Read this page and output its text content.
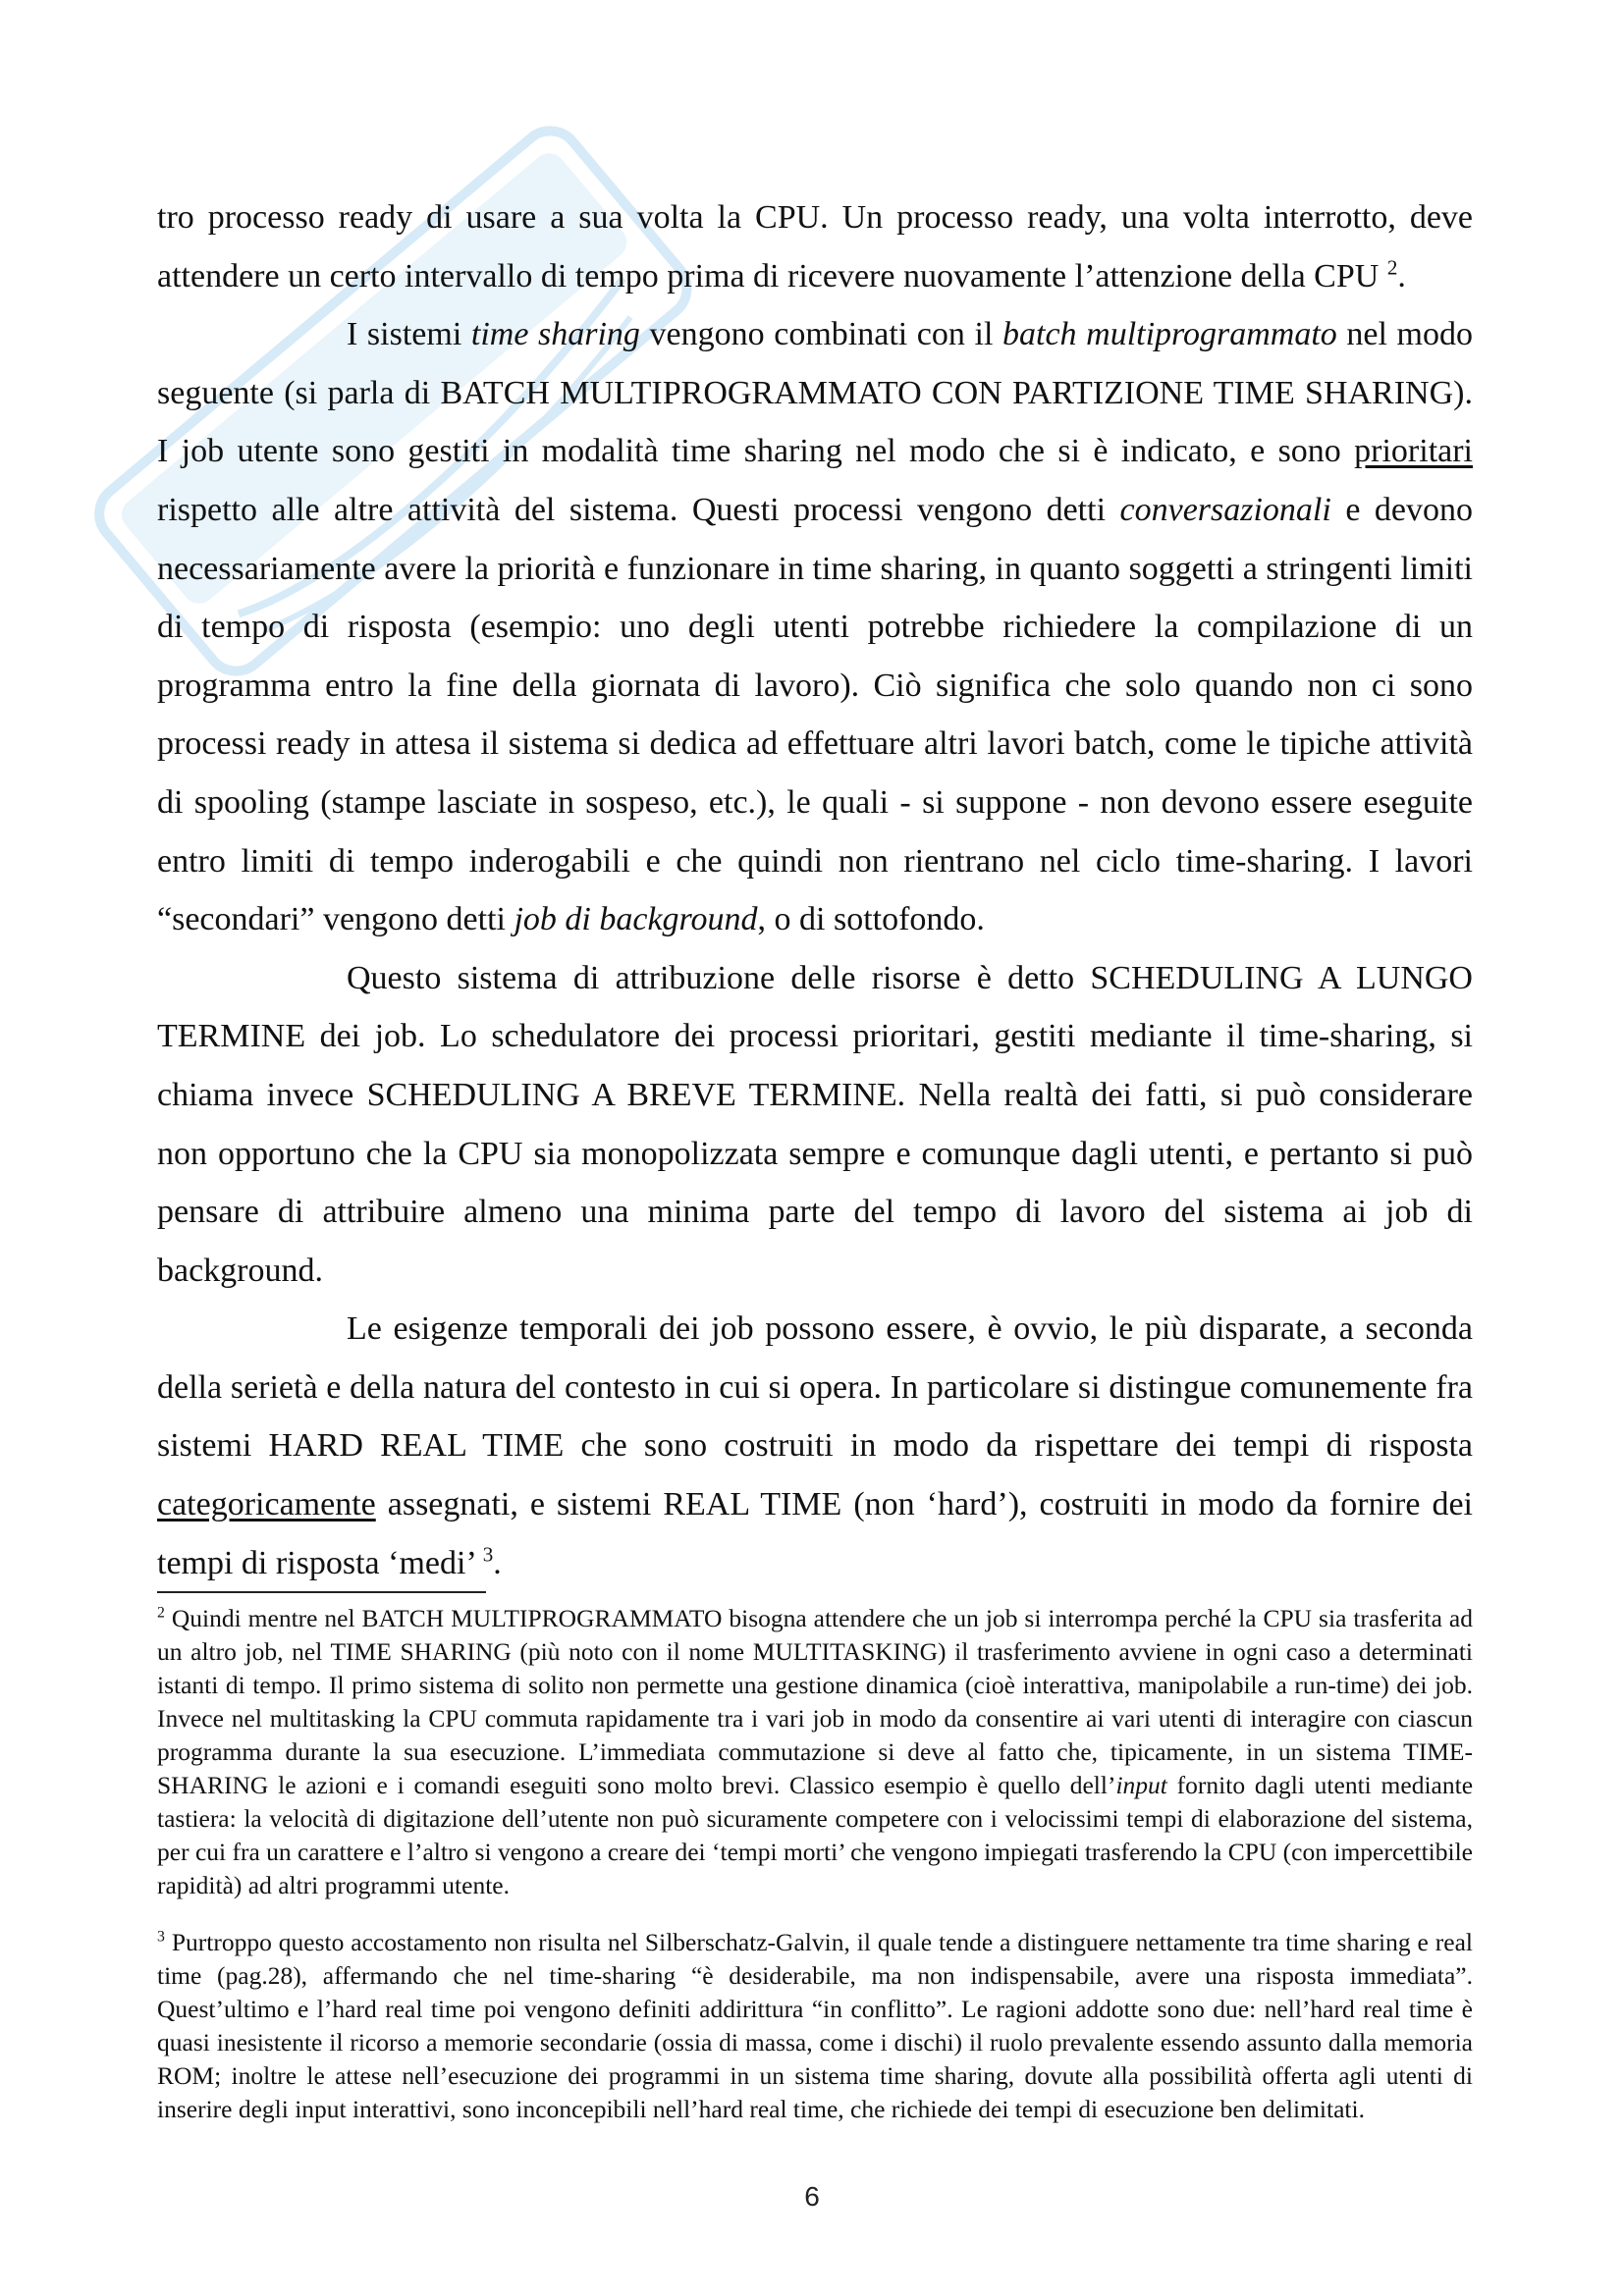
tro processo ready di usare a sua volta la CPU. Un processo ready, una volta interrotto, deve attendere un certo intervallo di tempo prima di ricevere nuovamente l’attenzione della CPU $^2$.

I sistemi time sharing vengono combinati con il batch multiprogrammato nel modo seguente (si parla di BATCH MULTIPROGRAMMATO CON PARTIZIONE TIME SHARING). I job utente sono gestiti in modalità time sharing nel modo che si è indicato, e sono prioritari rispetto alle altre attività del sistema. Questi processi vengono detti conversazionali e devono necessariamente avere la priorità e funzionare in time sharing, in quanto soggetti a stringenti limiti di tempo di risposta (esempio: uno degli utenti potrebbe richiedere la compilazione di un programma entro la fine della giornata di lavoro). Ciò significa che solo quando non ci sono processi ready in attesa il sistema si dedica ad effettuare altri lavori batch, come le tipiche attività di spooling (stampe lasciate in sospeso, etc.), le quali - si suppone - non devono essere eseguite entro limiti di tempo inderogabili e che quindi non rientrano nel ciclo time-sharing. I lavori “secondari” vengono detti job di background, o di sottofondo.

Questo sistema di attribuzione delle risorse è detto SCHEDULING A LUNGO TERMINE dei job. Lo schedulatore dei processi prioritari, gestiti mediante il time-sharing, si chiama invece SCHEDULING A BREVE TERMINE. Nella realtà dei fatti, si può considerare non opportuno che la CPU sia monopolizzata sempre e comunque dagli utenti, e pertanto si può pensare di attribuire almeno una minima parte del tempo di lavoro del sistema ai job di background.

Le esigenze temporali dei job possono essere, è ovvio, le più disparate, a seconda della serietà e della natura del contesto in cui si opera. In particolare si distingue comunemente fra sistemi HARD REAL TIME che sono costruiti in modo da rispettare dei tempi di risposta categoricamente assegnati, e sistemi REAL TIME (non ‘hard’), costruiti in modo da fornire dei tempi di risposta ‘medi’ $^3$.

$^2$ Quindi mentre nel BATCH MULTIPROGRAMMATO bisogna attendere che un job si interrompa perché la CPU sia trasferita ad un altro job, nel TIME SHARING (più noto con il nome MULTITASKING) il trasferimento avviene in ogni caso a determinati istanti di tempo. Il primo sistema di solito non permette una gestione dinamica (cioè interattiva, manipolabile a run-time) dei job. Invece nel multitasking la CPU commuta rapidamente tra i vari job in modo da consentire ai vari utenti di interagire con ciascun programma durante la sua esecuzione. L’immediata commutazione si deve al fatto che, tipicamente, in un sistema TIME-SHARING le azioni e i comandi eseguiti sono molto brevi. Classico esempio è quello dell’input fornito dagli utenti mediante tastiera: la velocità di digitazione dell’utente non può sicuramente competere con i velocissimi tempi di elaborazione del sistema, per cui fra un carattere e l’altro si vengono a creare dei ‘tempi morti’ che vengono impiegati trasferendo la CPU (con impercettibile rapidità) ad altri programmi utente.

$^3$ Purtroppo questo accostamento non risulta nel Silberschatz-Galvin, il quale tende a distinguere nettamente tra time sharing e real time (pag.28), affermando che nel time-sharing “è desiderabile, ma non indispensabile, avere una risposta immediata”. Quest’ultimo e l’hard real time poi vengono definiti addirittura “in conflitto”. Le ragioni addotte sono due: nell’hard real time è quasi inesistente il ricorso a memorie secondarie (ossia di massa, come i dischi) il ruolo prevalente essendo assunto dalla memoria ROM; inoltre le attese nell’esecuzione dei programmi in un sistema time sharing, dovute alla possibilità offerta agli utenti di inserire degli input interattivi, sono inconcepibili nell’hard real time, che richiede dei tempi di esecuzione ben delimitati.

6
